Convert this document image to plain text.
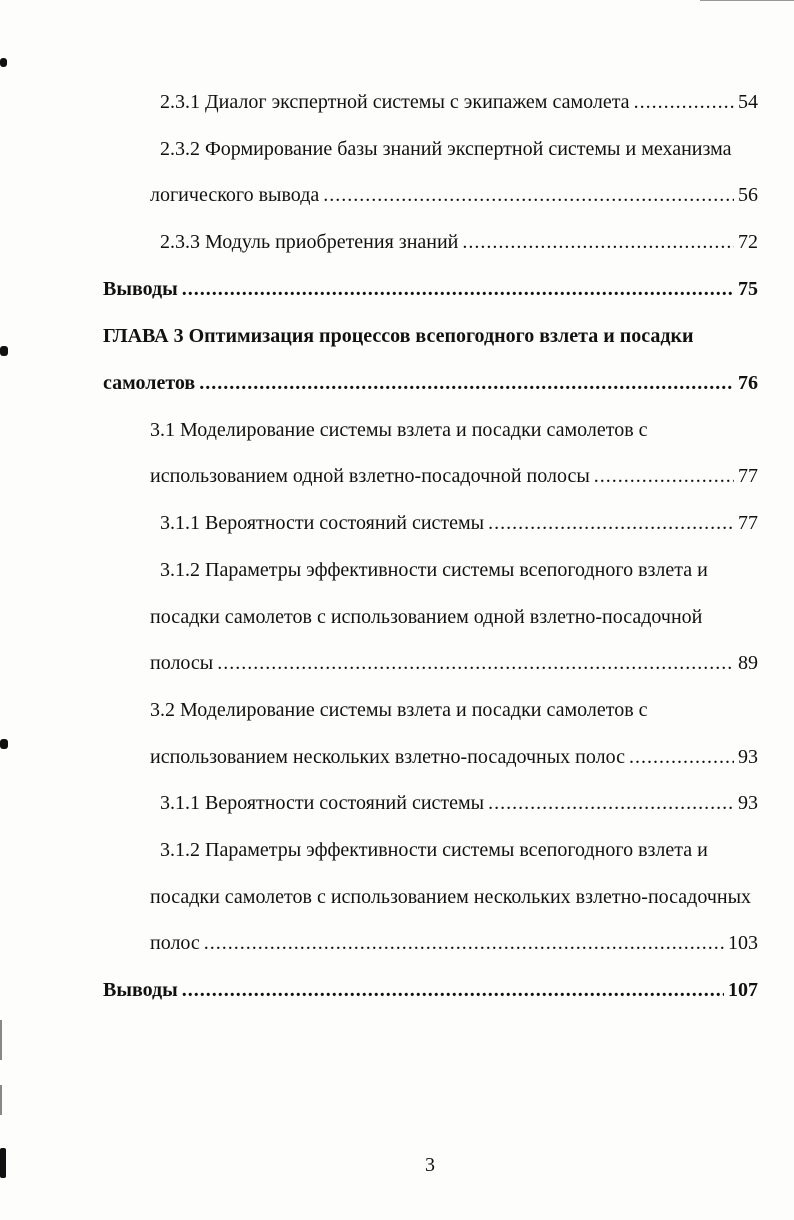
2.3.1 Диалог экспертной системы с экипажем самолета .....	54
2.3.2 Формирование базы знаний экспертной системы и механизма
логического вывода .....	56
2.3.3 Модуль приобретения знаний .....	72
Выводы .....	75
ГЛАВА 3 Оптимизация процессов всепогодного взлета и посадки
самолетов .....	76
3.1 Моделирование системы взлета и посадки самолетов с
использованием одной взлетно-посадочной полосы .....	77
3.1.1 Вероятности состояний системы .....	77
3.1.2 Параметры эффективности системы всепогодного взлета и
посадки самолетов с использованием одной взлетно-посадочной
полосы .....	89
3.2 Моделирование системы взлета и посадки самолетов с
использованием нескольких взлетно-посадочных полос .....	93
3.1.1 Вероятности состояний системы .....	93
3.1.2 Параметры эффективности системы всепогодного взлета и
посадки самолетов с использованием нескольких взлетно-посадочных
полос .....	103
Выводы .....	107
3
